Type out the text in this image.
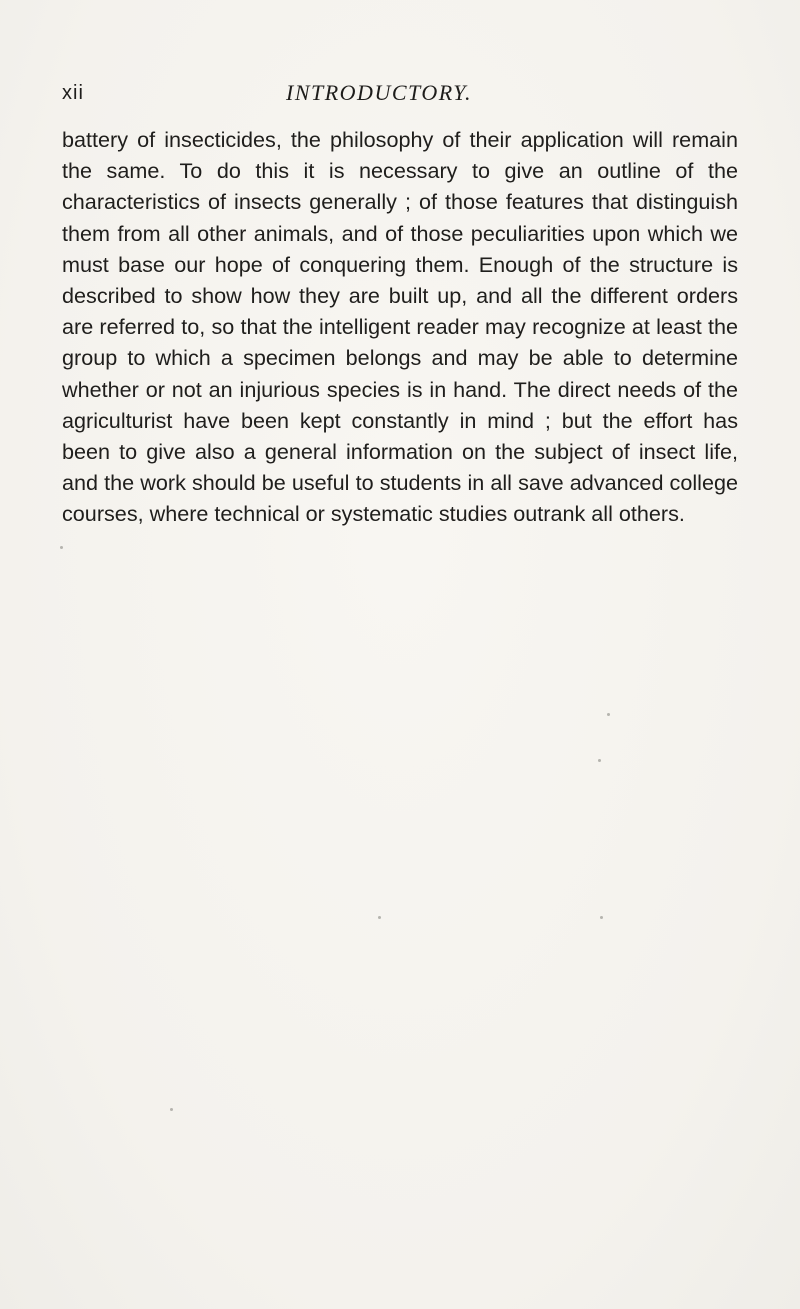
xii	INTRODUCTORY.

battery of insecticides, the philosophy of their application will remain the same. To do this it is necessary to give an outline of the characteristics of insects generally ; of those features that distinguish them from all other animals, and of those peculiarities upon which we must base our hope of conquering them. Enough of the structure is described to show how they are built up, and all the different orders are referred to, so that the intelligent reader may recognize at least the group to which a specimen belongs and may be able to determine whether or not an injurious species is in hand. The direct needs of the agriculturist have been kept constantly in mind ; but the effort has been to give also a general information on the subject of insect life, and the work should be useful to students in all save advanced college courses, where technical or systematic studies outrank all others.
